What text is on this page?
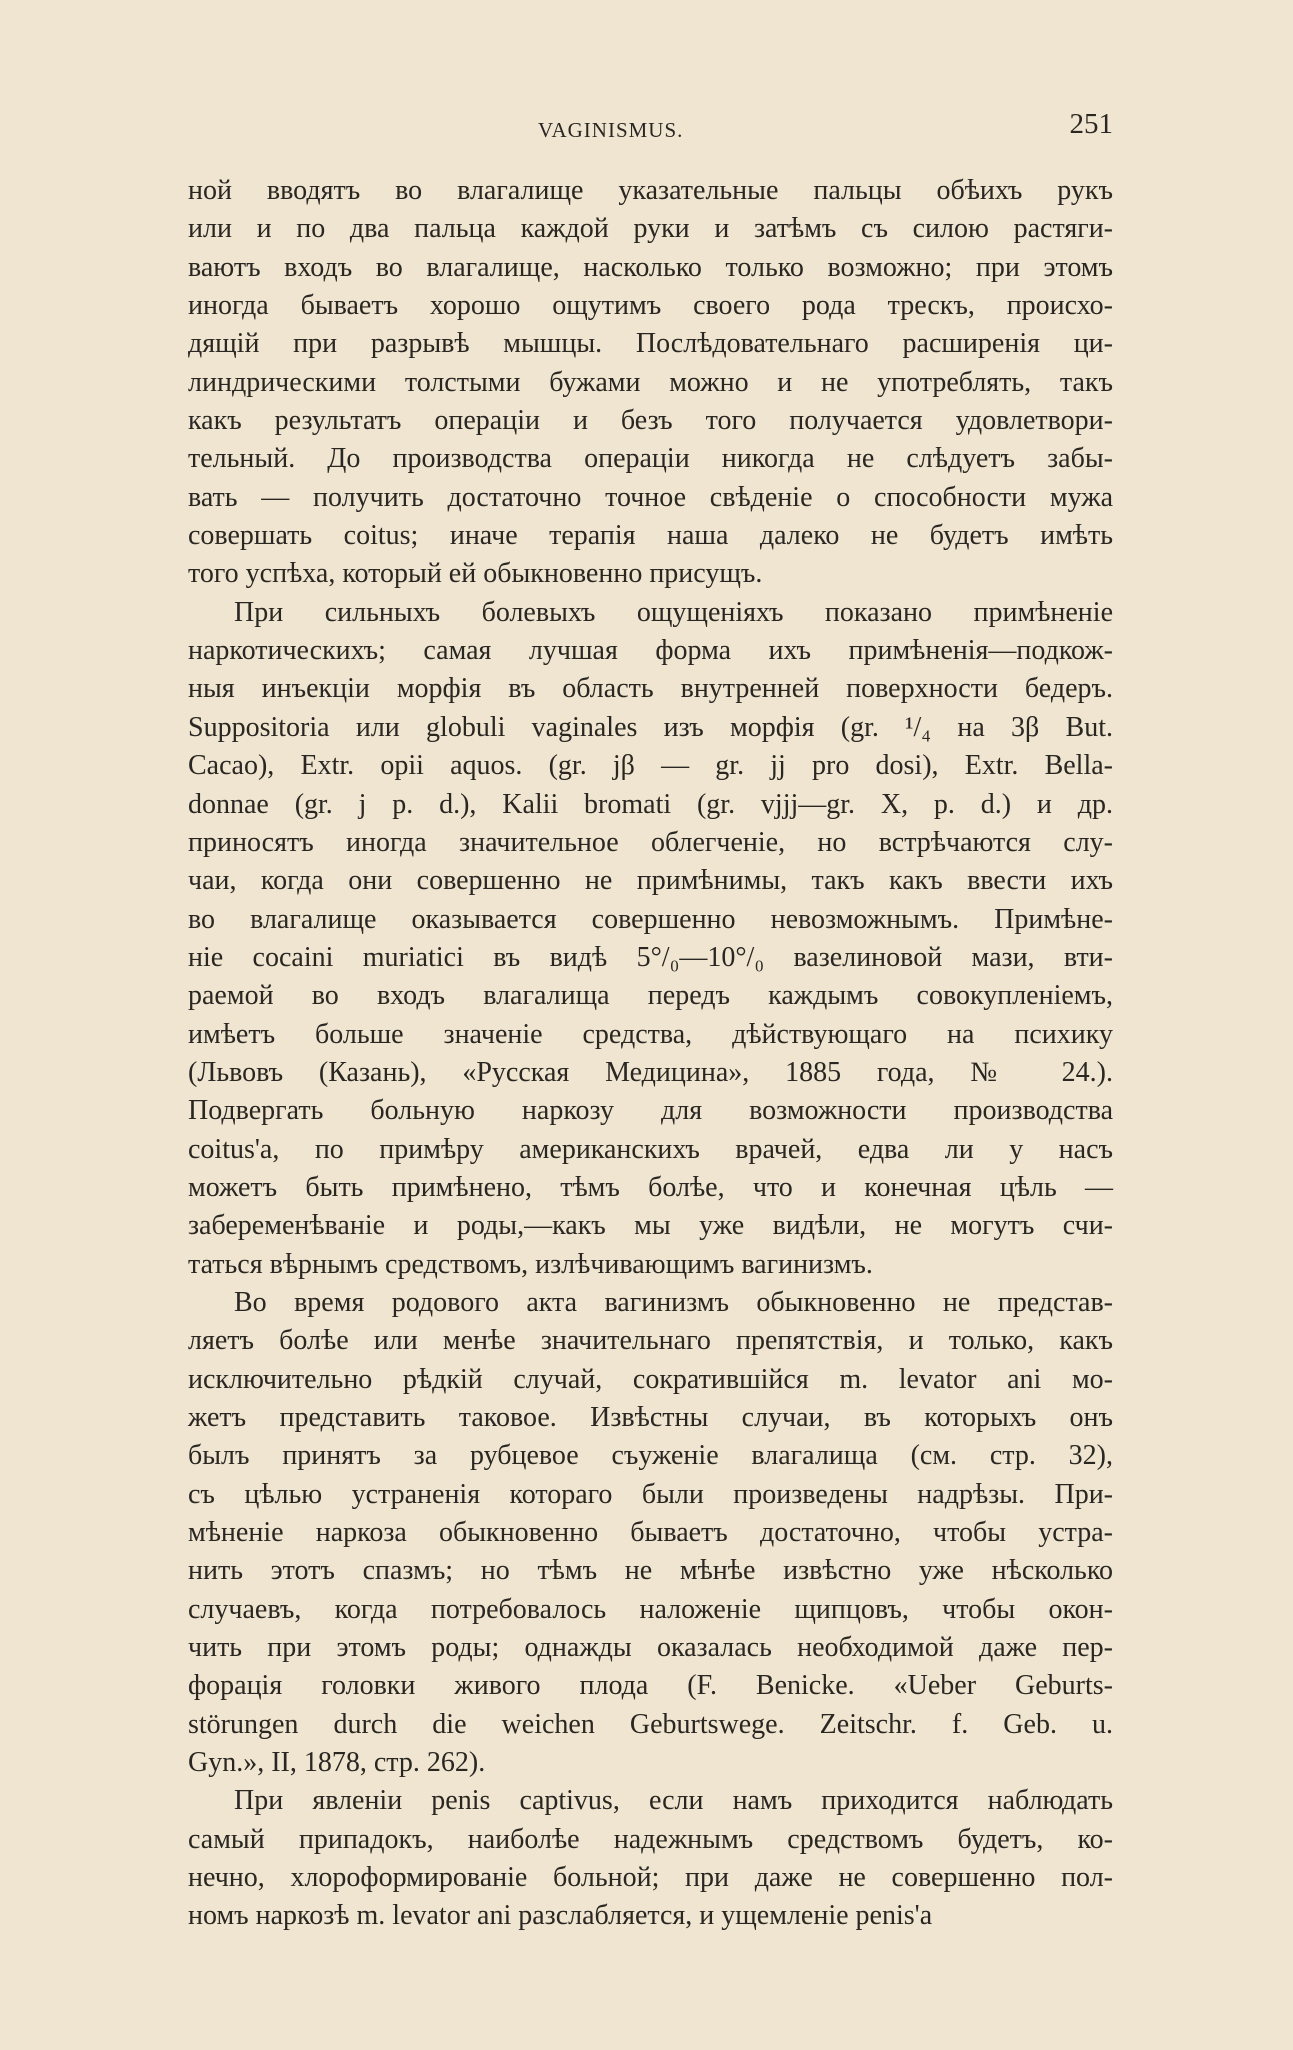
VAGINISMUS.	251
ной вводятъ во влагалище указательные пальцы обѣихъ рукъ
или и по два пальца каждой руки и затѣмъ съ силою растяги-
ваютъ входъ во влагалище, насколько только возможно; при этомъ
иногда бываетъ хорошо ощутимъ своего рода трескъ, происхо-
дящій при разрывѣ мышцы. Послѣдовательнаго расширенія ци-
линдрическими толстыми бужами можно и не употреблять, такъ
какъ результатъ операціи и безъ того получается удовлетвори-
тельный. До производства операціи никогда не слѣдуетъ забы-
вать — получить достаточно точное свѣденіе о способности мужа
совершать coitus; иначе терапія наша далеко не будетъ имѣть
того успѣха, который ей обыкновенно присущъ.
При сильныхъ болевыхъ ощущеніяхъ показано примѣненіе
наркотическихъ; самая лучшая форма ихъ примѣненія—подкож-
ныя инъекціи морфія въ область внутренней поверхности бедеръ.
Suppositoria или globuli vaginales изъ морфія (gr. ¹/₄ на 3β But.
Cacao), Extr. opii aquos. (gr. jβ — gr. jj pro dosi), Extr. Bella-
donnae (gr. j p. d.), Kalii bromati (gr. vjjj—gr. X, p. d.) и др.
приносятъ иногда значительное облегченіе, но встрѣчаются слу-
чаи, когда они совершенно не примѣнимы, такъ какъ ввести ихъ
во влагалище оказывается совершенно невозможнымъ. Примѣне-
ніе cocaini muriatici въ видѣ 5°/₀—10°/₀ вазелиновой мази, вти-
раемой во входъ влагалища передъ каждымъ совокупленіемъ,
имѣетъ больше значеніе средства, дѣйствующаго на психику
(Львовъ (Казань), «Русская Медицина», 1885 года, № 24.).
Подвергать больную наркозу для возможности производства
coitus'а, по примѣру американскихъ врачей, едва ли у насъ
можетъ быть примѣнено, тѣмъ болѣе, что и конечная цѣль —
забеременѣваніе и роды,—какъ мы уже видѣли, не могутъ счи-
таться вѣрнымъ средствомъ, излѣчивающимъ вагинизмъ.
Во время родового акта вагинизмъ обыкновенно не представ-
ляетъ болѣе или менѣе значительнаго препятствія, и только, какъ
исключительно рѣдкій случай, сократившійся m. levator ani мо-
жетъ представить таковое. Извѣстны случаи, въ которыхъ онъ
былъ принятъ за рубцевое съуженіе влагалища (см. стр. 32),
съ цѣлью устраненія котораго были произведены надрѣзы. При-
мѣненіе наркоза обыкновенно бываетъ достаточно, чтобы устра-
нить этотъ спазмъ; но тѣмъ не мѣнѣе извѣстно уже нѣсколько
случаевъ, когда потребовалось наложеніе щипцовъ, чтобы окон-
чить при этомъ роды; однажды оказалась необходимой даже пер-
форація головки живого плода (F. Benicke. «Ueber Geburts-
störungen durch die weichen Geburtswege. Zeitschr. f. Geb. u.
Gyn.», II, 1878, стр. 262).
При явленіи penis captivus, если намъ приходится наблюдать
самый припадокъ, наиболѣе надежнымъ средствомъ будетъ, ко-
нечно, хлороформированіе больной; при даже не совершенно пол-
номъ наркозѣ m. levator ani разслабляется, и ущемленіе penis'а
